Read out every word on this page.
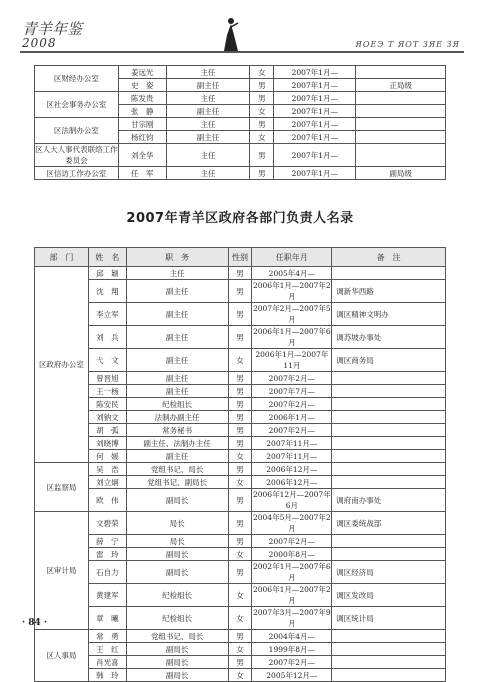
青羊年鉴
2008	ЯОЕЭ Т ЯОТ ЗЯЕ ЗЯ
区财经办公室	姜远光	主任	女	2007年1月—	
	史　姿	副主任	男	2007年1月—	正局级
区社会事务办公室	陈发贵	主任	男	2007年1月—	
	张　静	副主任	女	2007年1月—	
区法制办公室	甘宗刚	主任	男	2007年1月—	
	杨红钧	副主任	女	2007年1月—	
区人大人事代表联络工作委员会	刘全华	主任	男	2007年1月—	
区信访工作办公室	任　军	主任	男	2007年1月—	副局级
2007年青羊区政府各部门负责人名录
部　门	姓　名	职　务	性别	任职年月	备　注
区政府办公室	邱　颖	主任	男	2005年4月—	
	沈　翔	副主任	男	2006年1月—2007年2月	调新华西路
	李立军	副主任	男	2007年2月—2007年5月	调区精神文明办
	刘　兵	副主任	男	2006年1月—2007年6月	调苏坡办事处
	弋　文	副主任	女	2006年1月—2007年11月	调区商务局
	曾晋旭	副主任	男	2007年2月—	
	王一杨	副主任	男	2007年7月—	
	陈安民	纪检组长	男	2007年2月—	
	刘钠文	法制办副主任	男	2006年1月—	
	胡　弧	常务秘书	男	2007年2月—	
	刘晓博	副主任、法制办主任	男	2007年11月—	
	何　媛	副主任	女	2007年11月—	
区监察局	吴　浩	党组书记、局长	男	2006年12月—	
	刘立炯	党组书记、副局长	女	2006年12月—	
	欧　伟	副局长	男	2006年12月—2007年6月	调府南办事处
区审计局	文碧荣	局长	男	2004年5月—2007年2月	调区委统战部
	薛　宁	局长	男	2007年2月—	
	雷　玲	副局长	女	2000年8月—	
	石自力	副局长	男	2002年1月—2007年6月	调区经济局
	黄建军	纪检组长	女	2006年1月—2007年2月	调区发改局
	章　曦	纪检组长	女	2007年3月—2007年9月	调区统计局
区人事局	常　勇	党组书记、局长	男	2004年4月—	
	王　红	副局长	女	1999年8月—	
	肖光喜	副局长	男	2007年2月—	
	韩　玲	副局长	女	2005年12月—	
· 84 ·
